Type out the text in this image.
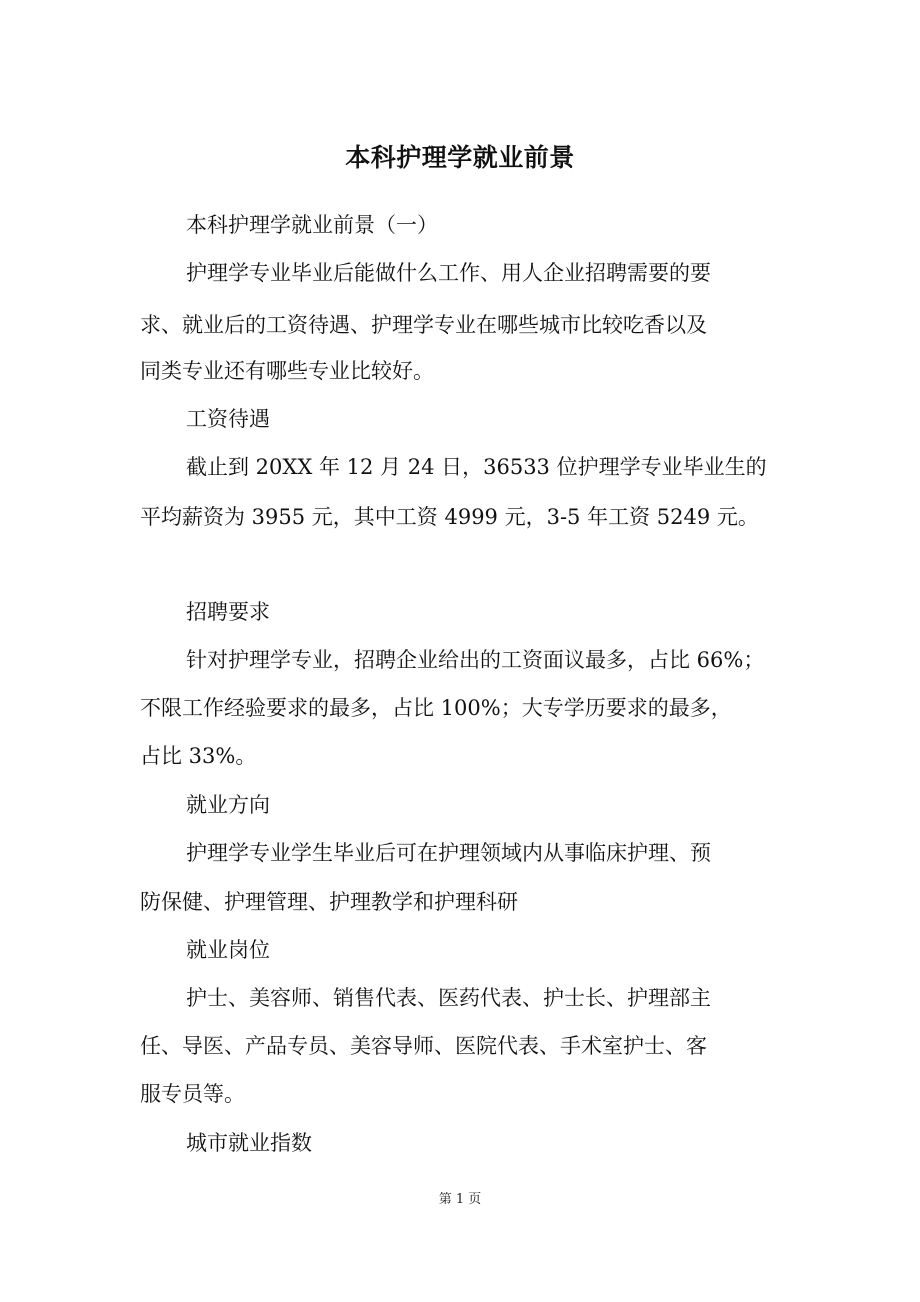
本科护理学就业前景
本科护理学就业前景（一）
护理学专业毕业后能做什么工作、用人企业招聘需要的要
求、就业后的工资待遇、护理学专业在哪些城市比较吃香以及
同类专业还有哪些专业比较好。
工资待遇
截止到 20XX 年 12 月 24 日，36533 位护理学专业毕业生的
平均薪资为 3955 元，其中工资 4999 元，3-5 年工资 5249 元。
招聘要求
针对护理学专业，招聘企业给出的工资面议最多，占比 66%；
不限工作经验要求的最多，占比 100%；大专学历要求的最多，
占比 33%。
就业方向
护理学专业学生毕业后可在护理领域内从事临床护理、预
防保健、护理管理、护理教学和护理科研
就业岗位
护士、美容师、销售代表、医药代表、护士长、护理部主
任、导医、产品专员、美容导师、医院代表、手术室护士、客
服专员等。
城市就业指数
第 1 页
